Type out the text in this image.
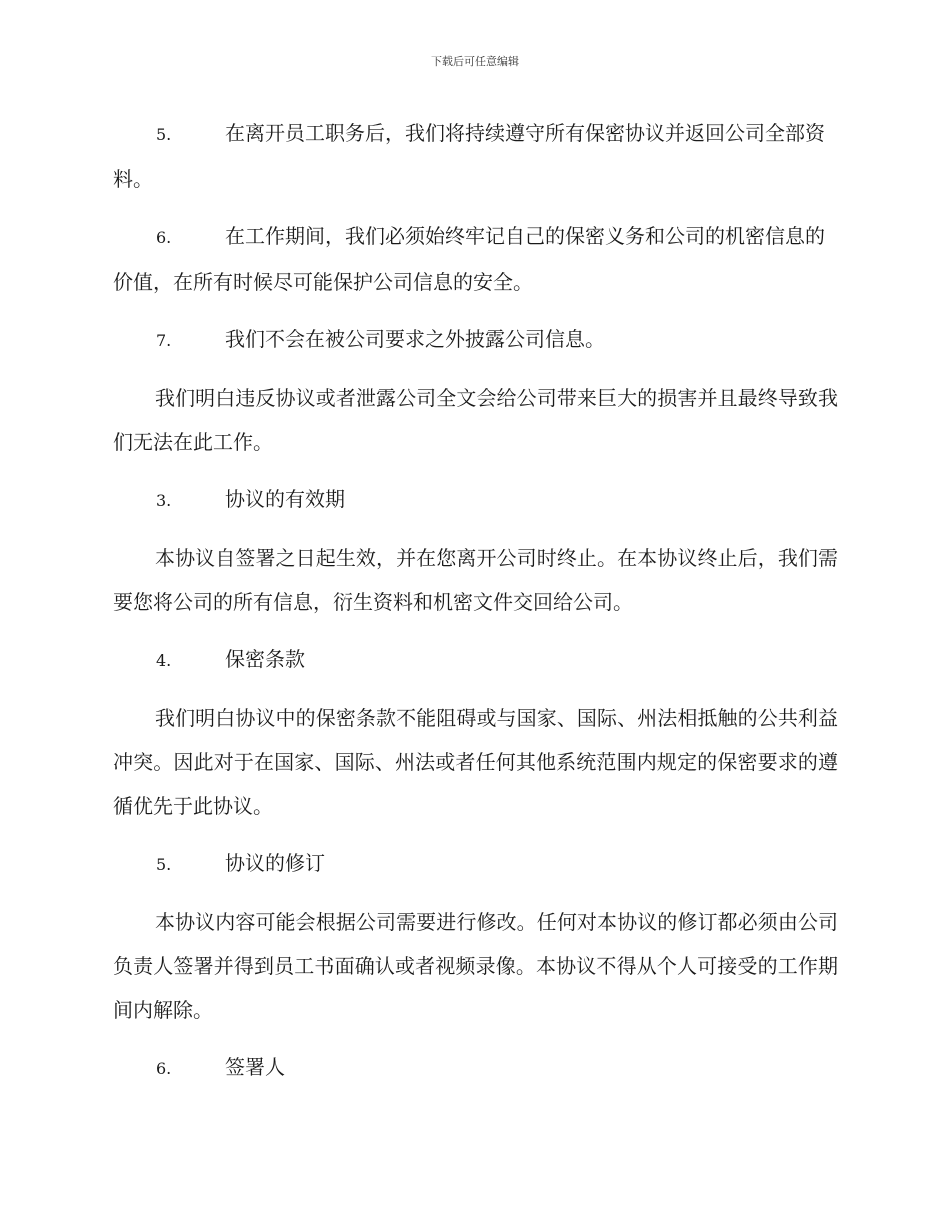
下载后可任意编辑
5.	在离开员工职务后，我们将持续遵守所有保密协议并返回公司全部资料。
6.	在工作期间，我们必须始终牢记自己的保密义务和公司的机密信息的价值，在所有时候尽可能保护公司信息的安全。
7.	我们不会在被公司要求之外披露公司信息。
我们明白违反协议或者泄露公司全文会给公司带来巨大的损害并且最终导致我们无法在此工作。
3.	协议的有效期
本协议自签署之日起生效，并在您离开公司时终止。在本协议终止后，我们需要您将公司的所有信息，衍生资料和机密文件交回给公司。
4.	保密条款
我们明白协议中的保密条款不能阻碍或与国家、国际、州法相抵触的公共利益冲突。因此对于在国家、国际、州法或者任何其他系统范围内规定的保密要求的遵循优先于此协议。
5.	协议的修订
本协议内容可能会根据公司需要进行修改。任何对本协议的修订都必须由公司负责人签署并得到员工书面确认或者视频录像。本协议不得从个人可接受的工作期间内解除。
6.	签署人
